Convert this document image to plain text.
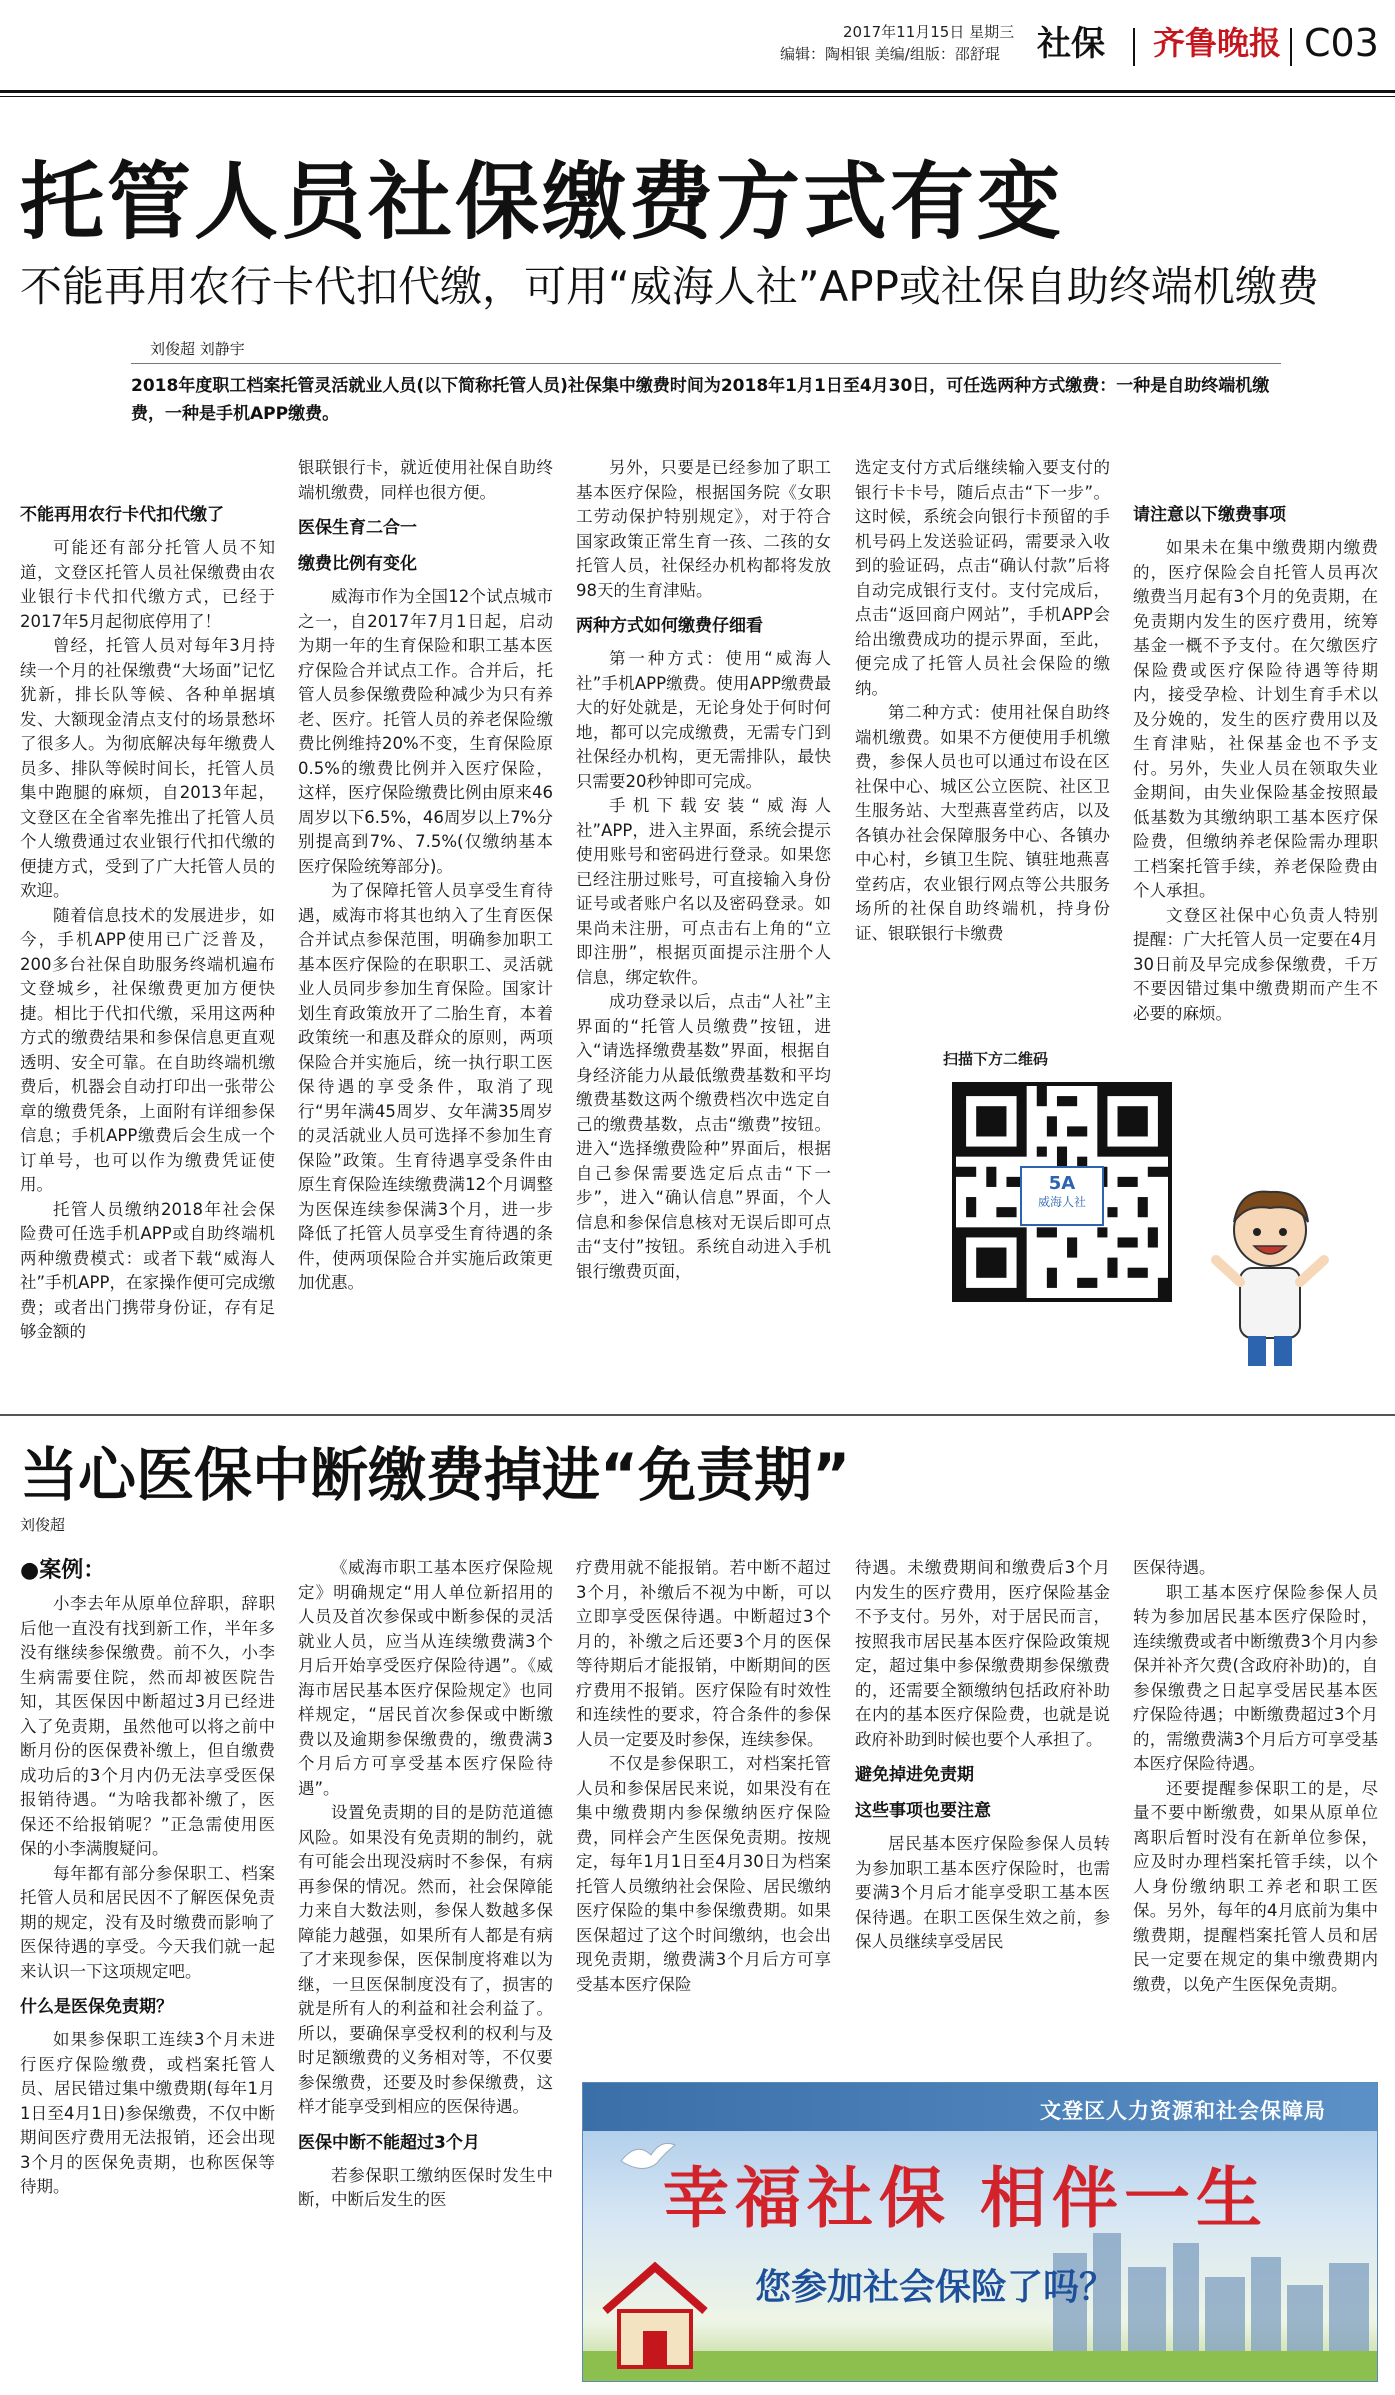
2017年11月15日 星期三
编辑：陶相银 美编/组版：邵舒琨 社保 齐鲁晚报 C03
托管人员社保缴费方式有变
不能再用农行卡代扣代缴，可用“威海人社”APP或社保自助终端机缴费
刘俊超 刘静宇
2018年度职工档案托管灵活就业人员(以下简称托管人员)社保集中缴费时间为2018年1月1日至4月30日，可任选两种方式缴费：一种是自助终端机缴费，一种是手机APP缴费。
不能再用农行卡代扣代缴了

可能还有部分托管人员不知道，文登区托管人员社保缴费由农业银行卡代扣代缴方式，已经于2017年5月起彻底停用了！

曾经，托管人员对每年3月持续一个月的社保缴费“大场面”记忆犹新，排长队等候、各种单据填发、大额现金清点支付的场景愁坏了很多人。为彻底解决每年缴费人员多、排队等候时间长，托管人员集中跑腿的麻烦，自2013年起，文登区在全省率先推出了托管人员个人缴费通过农业银行代扣代缴的便捷方式，受到了广大托管人员的欢迎。

随着信息技术的发展进步，如今，手机APP使用已广泛普及，200多台社保自助服务终端机遍布文登城乡，社保缴费更加方便快捷。相比于代扣代缴，采用这两种方式的缴费结果和参保信息更直观透明、安全可靠。在自助终端机缴费后，机器会自动打印出一张带公章的缴费凭条，上面附有详细参保信息；手机APP缴费后会生成一个订单号，也可以作为缴费凭证使用。

托管人员缴纳2018年社会保险费可任选手机APP或自助终端机两种缴费模式：或者下载“威海人社”手机APP，在家操作便可完成缴费；或者出门携带身份证，存有足够金额的

银联银行卡，就近使用社保自助终端机缴费，同样也很方便。

医保生育二合一
缴费比例有变化

威海市作为全国12个试点城市之一，自2017年7月1日起，启动为期一年的生育保险和职工基本医疗保险合并试点工作。合并后，托管人员参保缴费险种减少为只有养老、医疗。托管人员的养老保险缴费比例维持20%不变，生育保险原0.5%的缴费比例并入医疗保险，这样，医疗保险缴费比例由原来46周岁以下6.5%，46周岁以上7%分别提高到7%、7.5%(仅缴纳基本医疗保险统筹部分)。

为了保障托管人员享受生育待遇，威海市将其也纳入了生育医保合并试点参保范围，明确参加职工基本医疗保险的在职职工、灵活就业人员同步参加生育保险。国家计划生育政策放开了二胎生育，本着政策统一和惠及群众的原则，两项保险合并实施后，统一执行职工医保待遇的享受条件，取消了现行“男年满45周岁、女年满35周岁的灵活就业人员可选择不参加生育保险”政策。生育待遇享受条件由原生育保险连续缴费满12个月调整为医保连续参保满3个月，进一步降低了托管人员享受生育待遇的条件，使两项保险合并实施后政策更加优惠。

另外，只要是已经参加了职工基本医疗保险，根据国务院《女职工劳动保护特别规定》，对于符合国家政策正常生育一孩、二孩的女托管人员，社保经办机构都将发放98天的生育津贴。

两种方式如何缴费仔细看

第一种方式：使用“威海人社”手机APP缴费。使用APP缴费最大的好处就是，无论身处于何时何地，都可以完成缴费，无需专门到社保经办机构，更无需排队，最快只需要20秒钟即可完成。

手机下载安装“威海人社”APP，进入主界面，系统会提示使用账号和密码进行登录。如果您已经注册过账号，可直接输入身份证号或者账户名以及密码登录。如果尚未注册，可点击右上角的“立即注册”，根据页面提示注册个人信息，绑定软件。

成功登录以后，点击“人社”主界面的“托管人员缴费”按钮，进入“请选择缴费基数”界面，根据自身经济能力从最低缴费基数和平均缴费基数这两个缴费档次中选定自己的缴费基数，点击“缴费”按钮。进入“选择缴费险种”界面后，根据自己参保需要选定后点击“下一步”，进入“确认信息”界面，个人信息和参保信息核对无误后即可点击“支付”按钮。系统自动进入手机银行缴费页面，

选定支付方式后继续输入要支付的银行卡卡号，随后点击“下一步”。这时候，系统会向银行卡预留的手机号码上发送验证码，需要录入收到的验证码，点击“确认付款”后将自动完成银行支付。支付完成后，点击“返回商户网站”，手机APP会给出缴费成功的提示界面，至此，便完成了托管人员社会保险的缴纳。

第二种方式：使用社保自助终端机缴费。如果不方便使用手机缴费，参保人员也可以通过布设在区社保中心、城区公立医院、社区卫生服务站、大型燕喜堂药店，以及各镇办社会保障服务中心、各镇办中心村，乡镇卫生院、镇驻地燕喜堂药店，农业银行网点等公共服务场所的社保自助终端机，持身份证、银联银行卡缴费

请注意以下缴费事项

如果未在集中缴费期内缴费的，医疗保险会自托管人员再次缴费当月起有3个月的免责期，在免责期内发生的医疗费用，统筹基金一概不予支付。在欠缴医疗保险费或医疗保险待遇等待期内，接受孕检、计划生育手术以及分娩的，发生的医疗费用以及生育津贴，社保基金也不予支付。另外，失业人员在领取失业金期间，由失业保险基金按照最低基数为其缴纳职工基本医疗保险费，但缴纳养老保险需办理职工档案托管手续，养老保险费由个人承担。

文登区社保中心负责人特别提醒：广大托管人员一定要在4月30日前及早完成参保缴费，千万不要因错过集中缴费期而产生不必要的麻烦。

扫描下方二维码
5A
威海人社
当心医保中断缴费掉进“免责期”
刘俊超
●案例：

小李去年从原单位辞职，辞职后他一直没有找到新工作，半年多没有继续参保缴费。前不久，小李生病需要住院，然而却被医院告知，其医保因中断超过3月已经进入了免责期，虽然他可以将之前中断月份的医保费补缴上，但自缴费成功后的3个月内仍无法享受医保报销待遇。“为啥我都补缴了，医保还不给报销呢？”正急需使用医保的小李满腹疑问。

每年都有部分参保职工、档案托管人员和居民因不了解医保免责期的规定，没有及时缴费而影响了医保待遇的享受。今天我们就一起来认识一下这项规定吧。

什么是医保免责期？

如果参保职工连续3个月未进行医疗保险缴费，或档案托管人员、居民错过集中缴费期(每年1月1日至4月1日)参保缴费，不仅中断期间医疗费用无法报销，还会出现3个月的医保免责期，也称医保等待期。

《威海市职工基本医疗保险规定》明确规定“用人单位新招用的人员及首次参保或中断参保的灵活就业人员，应当从连续缴费满3个月后开始享受医疗保险待遇”。《威海市居民基本医疗保险规定》也同样规定，“居民首次参保或中断缴费以及逾期参保缴费的，缴费满3个月后方可享受基本医疗保险待遇”。

设置免责期的目的是防范道德风险。如果没有免责期的制约，就有可能会出现没病时不参保，有病再参保的情况。然而，社会保障能力来自大数法则，参保人数越多保障能力越强，如果所有人都是有病了才来现参保，医保制度将难以为继，一旦医保制度没有了，损害的就是所有人的利益和社会利益了。所以，要确保享受权利的权利与及时足额缴费的义务相对等，不仅要参保缴费，还要及时参保缴费，这样才能享受到相应的医保待遇。

医保中断不能超过3个月

若参保职工缴纳医保时发生中断，中断后发生的医

疗费用就不能报销。若中断不超过3个月，补缴后不视为中断，可以立即享受医保待遇。中断超过3个月的，补缴之后还要3个月的医保等待期后才能报销，中断期间的医疗费用不报销。医疗保险有时效性和连续性的要求，符合条件的参保人员一定要及时参保，连续参保。

不仅是参保职工，对档案托管人员和参保居民来说，如果没有在集中缴费期内参保缴纳医疗保险费，同样会产生医保免责期。按规定，每年1月1日至4月30日为档案托管人员缴纳社会保险、居民缴纳医疗保险的集中参保缴费期。如果医保超过了这个时间缴纳，也会出现免责期，缴费满3个月后方可享受基本医疗保险

待遇。未缴费期间和缴费后3个月内发生的医疗费用，医疗保险基金不予支付。另外，对于居民而言，按照我市居民基本医疗保险政策规定，超过集中参保缴费期参保缴费的，还需要全额缴纳包括政府补助在内的基本医疗保险费，也就是说政府补助到时候也要个人承担了。

避免掉进免责期
这些事项也要注意

居民基本医疗保险参保人员转为参加职工基本医疗保险时，也需要满3个月后才能享受职工基本医保待遇。在职工医保生效之前，参保人员继续享受居民

医保待遇。

职工基本医疗保险参保人员转为参加居民基本医疗保险时，连续缴费或者中断缴费3个月内参保并补齐欠费(含政府补助)的，自参保缴费之日起享受居民基本医疗保险待遇；中断缴费超过3个月的，需缴费满3个月后方可享受基本医疗保险待遇。

还要提醒参保职工的是，尽量不要中断缴费，如果从原单位离职后暂时没有在新单位参保，应及时办理档案托管手续，以个人身份缴纳职工养老和职工医保。另外，每年的4月底前为集中缴费期，提醒档案托管人员和居民一定要在规定的集中缴费期内缴费，以免产生医保免责期。

文登区人力资源和社会保障局
幸福社保 相伴一生
您参加社会保险了吗？
